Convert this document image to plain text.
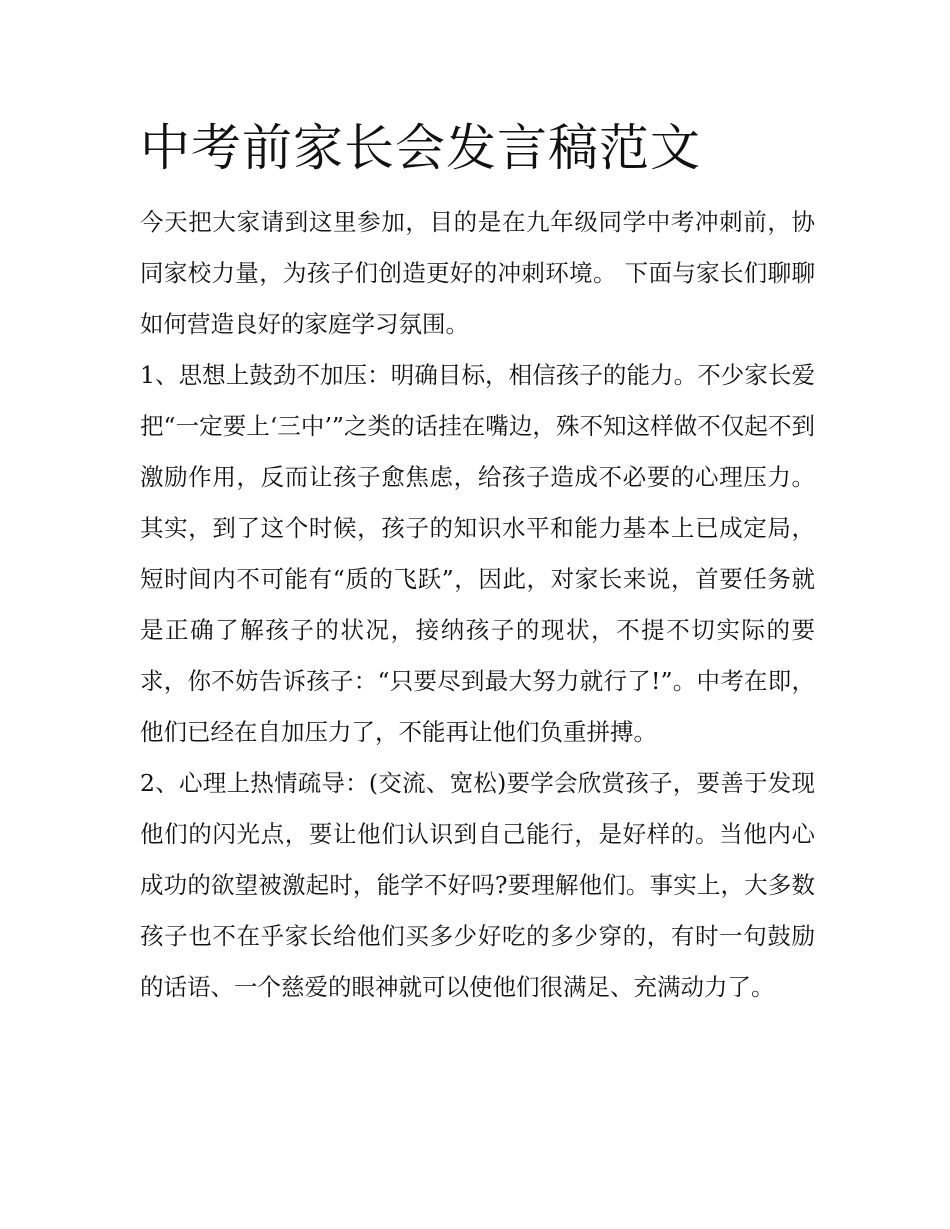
中考前家长会发言稿范文

今天把大家请到这里参加，目的是在九年级同学中考冲刺前，协同家校力量，为孩子们创造更好的冲刺环境。 下面与家长们聊聊如何营造良好的家庭学习氛围。

1、思想上鼓劲不加压：明确目标，相信孩子的能力。不少家长爱把“一定要上‘三中’”之类的话挂在嘴边，殊不知这样做不仅起不到激励作用，反而让孩子愈焦虑，给孩子造成不必要的心理压力。其实，到了这个时候，孩子的知识水平和能力基本上已成定局，短时间内不可能有“质的飞跃”，因此，对家长来说，首要任务就是正确了解孩子的状况，接纳孩子的现状，不提不切实际的要求，你不妨告诉孩子：“只要尽到最大努力就行了!”。中考在即，他们已经在自加压力了，不能再让他们负重拼搏。

2、心理上热情疏导：(交流、宽松)要学会欣赏孩子，要善于发现他们的闪光点，要让他们认识到自己能行，是好样的。当他内心成功的欲望被激起时，能学不好吗?要理解他们。事实上，大多数孩子也不在乎家长给他们买多少好吃的多少穿的，有时一句鼓励的话语、一个慈爱的眼神就可以使他们很满足、充满动力了。
